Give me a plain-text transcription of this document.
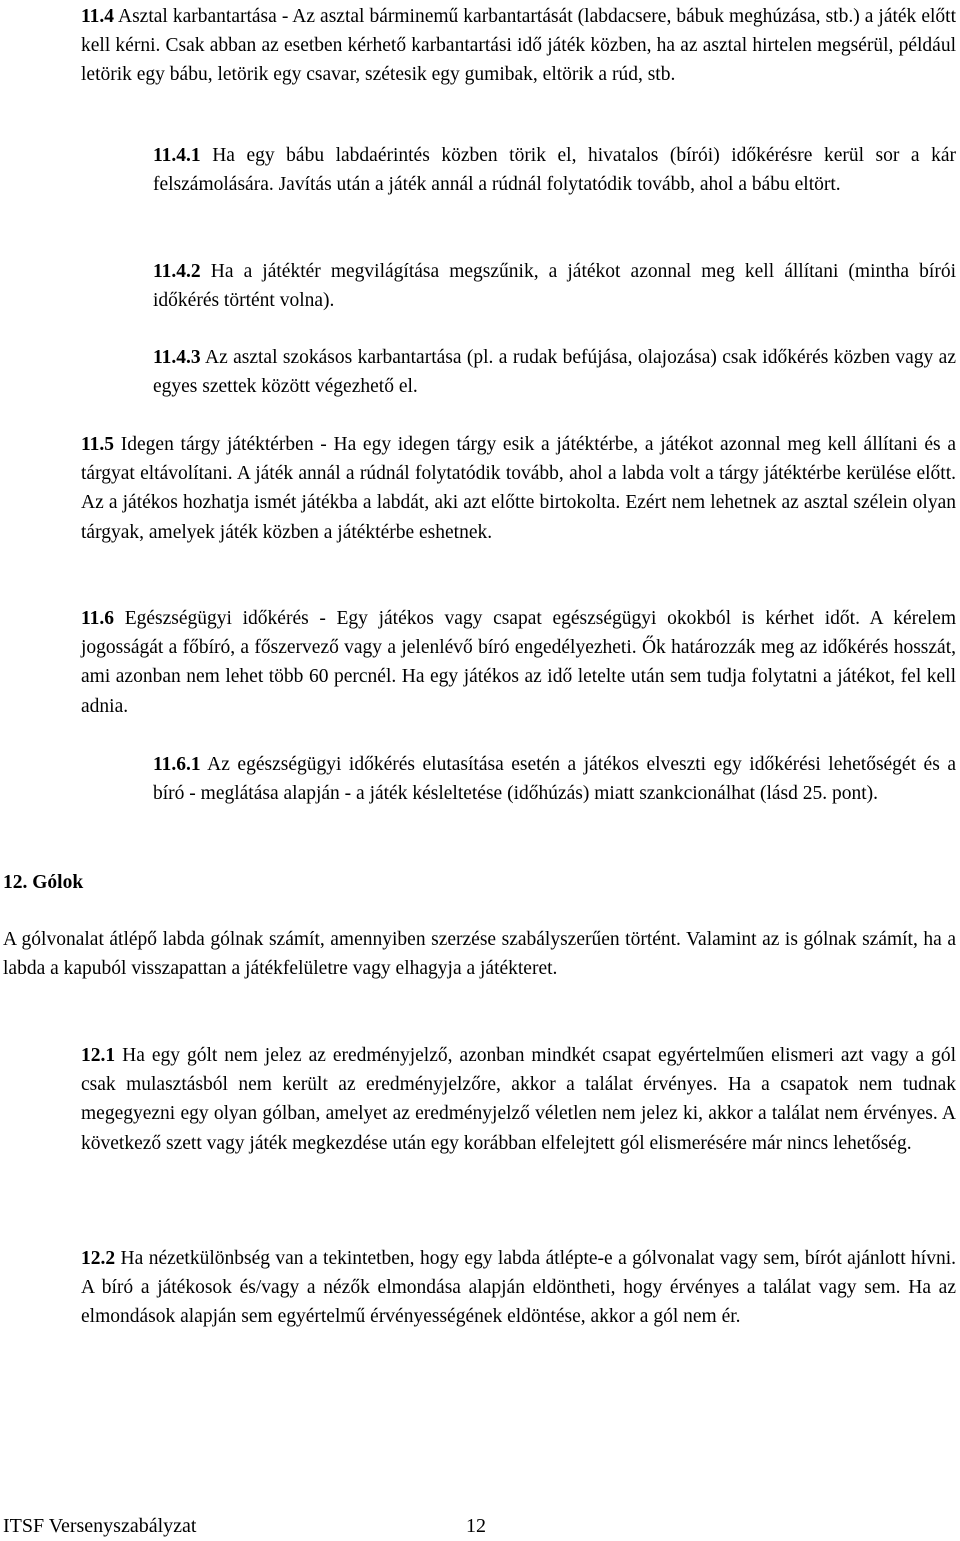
11.4 Asztal karbantartása - Az asztal bárminemű karbantartását (labdacsere, bábuk meghúzása, stb.) a játék előtt kell kérni. Csak abban az esetben kérhető karbantartási idő játék közben, ha az asztal hirtelen megsérül, például letörik egy bábu, letörik egy csavar, szétesik egy gumibak, eltörik a rúd, stb.

11.4.1 Ha egy bábu labdaérintés közben törik el, hivatalos (bírói) időkérésre kerül sor a kár felszámolására. Javítás után a játék annál a rúdnál folytatódik tovább, ahol a bábu eltört.

11.4.2 Ha a játéktér megvilágítása megszűnik, a játékot azonnal meg kell állítani (mintha bírói időkérés történt volna).

11.4.3 Az asztal szokásos karbantartása (pl. a rudak befújása, olajozása) csak időkérés közben vagy az egyes szettek között végezhető el.

11.5 Idegen tárgy játéktérben - Ha egy idegen tárgy esik a játéktérbe, a játékot azonnal meg kell állítani és a tárgyat eltávolítani. A játék annál a rúdnál folytatódik tovább, ahol a labda volt a tárgy játéktérbe kerülése előtt. Az a játékos hozhatja ismét játékba a labdát, aki azt előtte birtokolta. Ezért nem lehetnek az asztal szélein olyan tárgyak, amelyek játék közben a játéktérbe eshetnek.

11.6 Egészségügyi időkérés - Egy játékos vagy csapat egészségügyi okokból is kérhet időt. A kérelem jogosságát a főbíró, a főszervező vagy a jelenlévő bíró engedélyezheti. Ők határozzák meg az időkérés hosszát, ami azonban nem lehet több 60 percnél. Ha egy játékos az idő letelte után sem tudja folytatni a játékot, fel kell adnia.

11.6.1 Az egészségügyi időkérés elutasítása esetén a játékos elveszti egy időkérési lehetőségét és a bíró - meglátása alapján - a játék késleltetése (időhúzás) miatt szankcionálhat (lásd 25. pont).

12. Gólok

A gólvonalat átlépő labda gólnak számít, amennyiben szerzése szabályszerűen történt. Valamint az is gólnak számít, ha a labda a kapuból visszapattan a játékfelületre vagy elhagyja a játékteret.

12.1 Ha egy gólt nem jelez az eredményjelző, azonban mindkét csapat egyértelműen elismeri azt vagy a gól csak mulasztásból nem került az eredményjelzőre, akkor a találat érvényes. Ha a csapatok nem tudnak megegyezni egy olyan gólban, amelyet az eredményjelző véletlen nem jelez ki, akkor a találat nem érvényes. A következő szett vagy játék megkezdése után egy korábban elfelejtett gól elismerésére már nincs lehetőség.

12.2 Ha nézetkülönbség van a tekintetben, hogy egy labda átlépte-e a gólvonalat vagy sem, bírót ajánlott hívni. A bíró a játékosok és/vagy a nézők elmondása alapján eldöntheti, hogy érvényes a találat vagy sem. Ha az elmondások alapján sem egyértelmű érvényességének eldöntése, akkor a gól nem ér.

ITSF Versenyszabályzat	12
